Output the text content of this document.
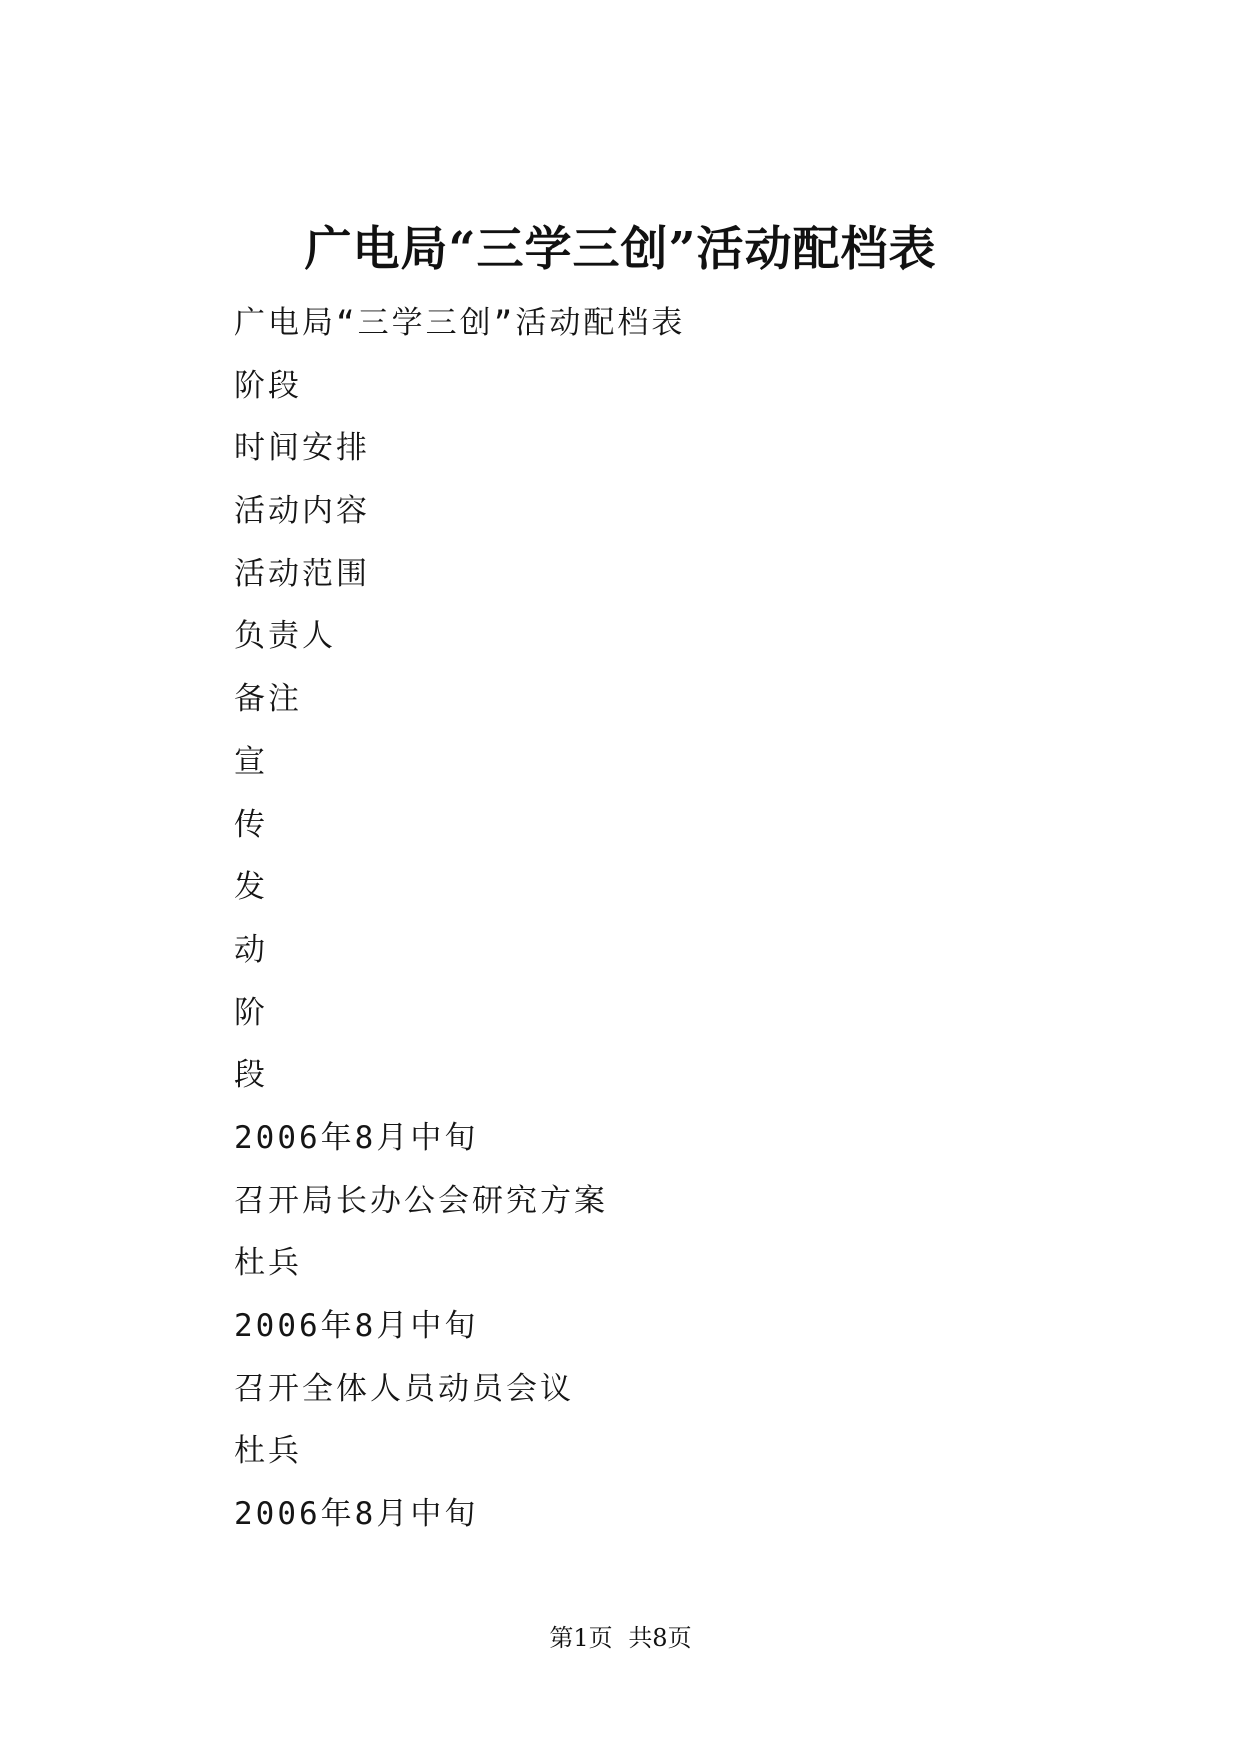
广电局“三学三创”活动配档表
广电局“三学三创”活动配档表
阶段
时间安排
活动内容
活动范围
负责人
备注
宣
传
发
动
阶
段
2006年8月中旬
召开局长办公会研究方案
杜兵
2006年8月中旬
召开全体人员动员会议
杜兵
2006年8月中旬
第1页 共8页
